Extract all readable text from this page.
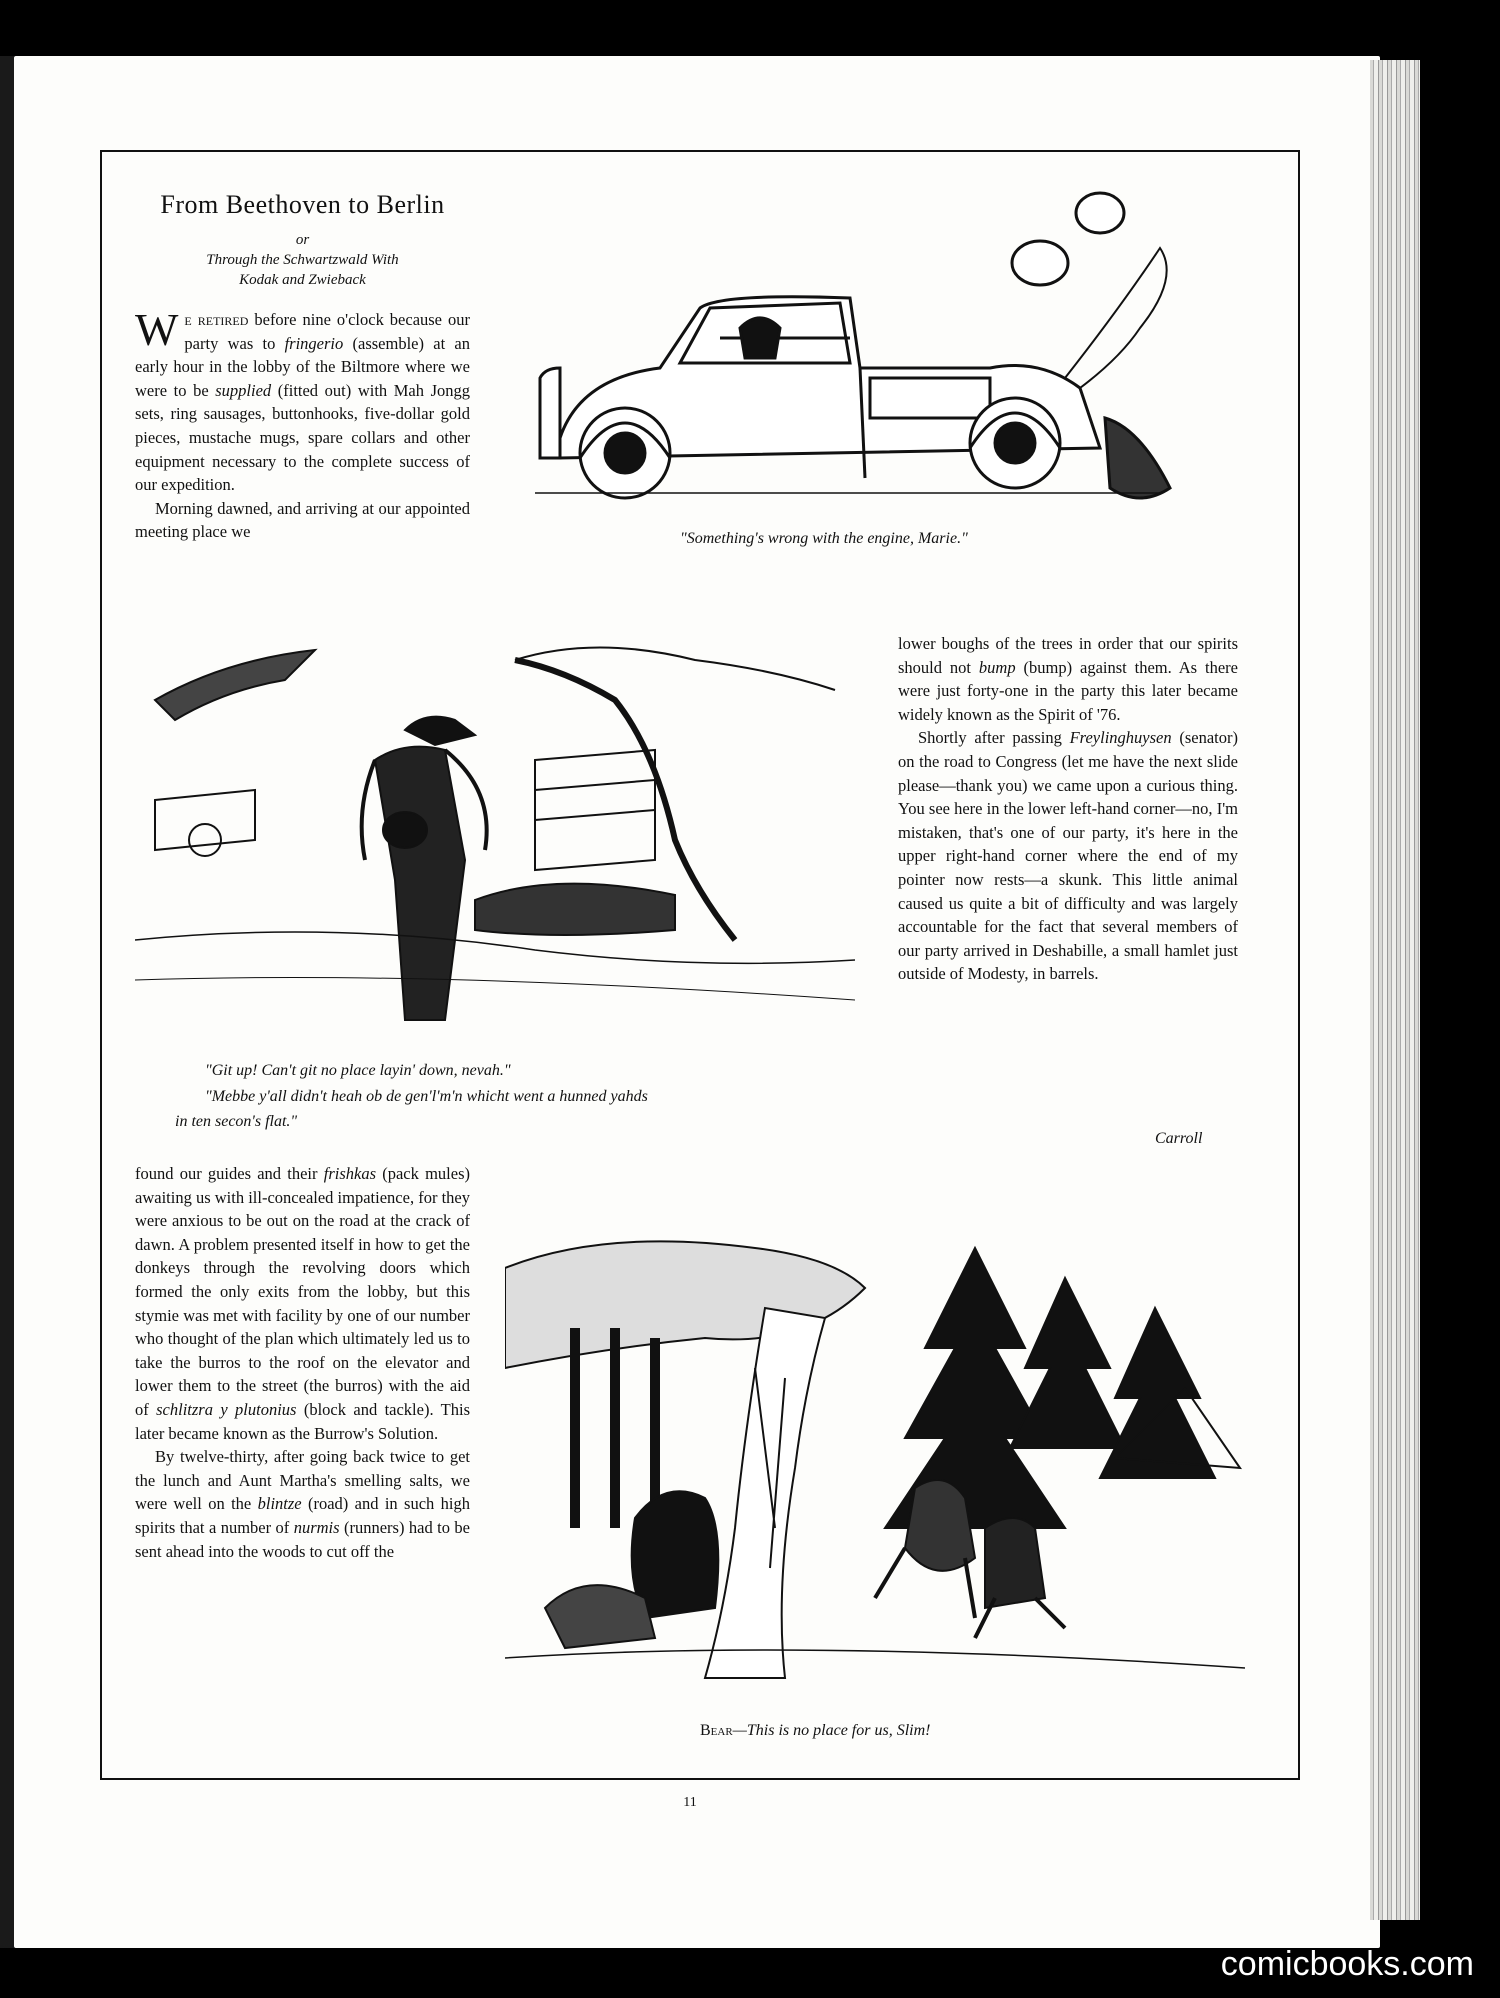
From Beethoven to Berlin
or
Through the Schwartzwald With
Kodak and Zwieback

We retired before nine o'clock because our party was to fringerio (assemble) at an early hour in the lobby of the Biltmore where we were to be supplied (fitted out) with Mah Jongg sets, ring sausages, buttonhooks, five-dollar gold pieces, mustache mugs, spare collars and other equipment necessary to the complete success of our expedition.

Morning dawned, and arriving at our appointed meeting place we	"Something's wrong with the engine, Marie."
"Git up! Can't git no place layin' down, nevah."
"Mebbe y'all didn't heah ob de gen'l'm'n whicht went a hunned yahds
in ten secon's flat."

lower boughs of the trees in order that our spirits should not bump (bump) against them. As there were just forty-one in the party this later became widely known as the Spirit of '76.

Shortly after passing Freylinghuysen (senator) on the road to Congress (let me have the next slide please—thank you) we came upon a curious thing. You see here in the lower left-hand corner—no, I'm mistaken, that's one of our party, it's here in the upper right-hand corner where the end of my pointer now rests—a skunk. This little animal caused us quite a bit of difficulty and was largely accountable for the fact that several members of our party arrived in Deshabille, a small hamlet just outside of Modesty, in barrels.

Carroll

found our guides and their frishkas (pack mules) awaiting us with ill-concealed impatience, for they were anxious to be out on the road at the crack of dawn. A problem presented itself in how to get the donkeys through the revolving doors which formed the only exits from the lobby, but this stymie was met with facility by one of our number who thought of the plan which ultimately led us to take the burros to the roof on the elevator and lower them to the street (the burros) with the aid of schlitzra y plutonius (block and tackle). This later became known as the Burrow's Solution.

By twelve-thirty, after going back twice to get the lunch and Aunt Martha's smelling salts, we were well on the blintze (road) and in such high spirits that a number of nurmis (runners) had to be sent ahead into the woods to cut off the

Bear—This is no place for us, Slim!
11
comicbooks.com
